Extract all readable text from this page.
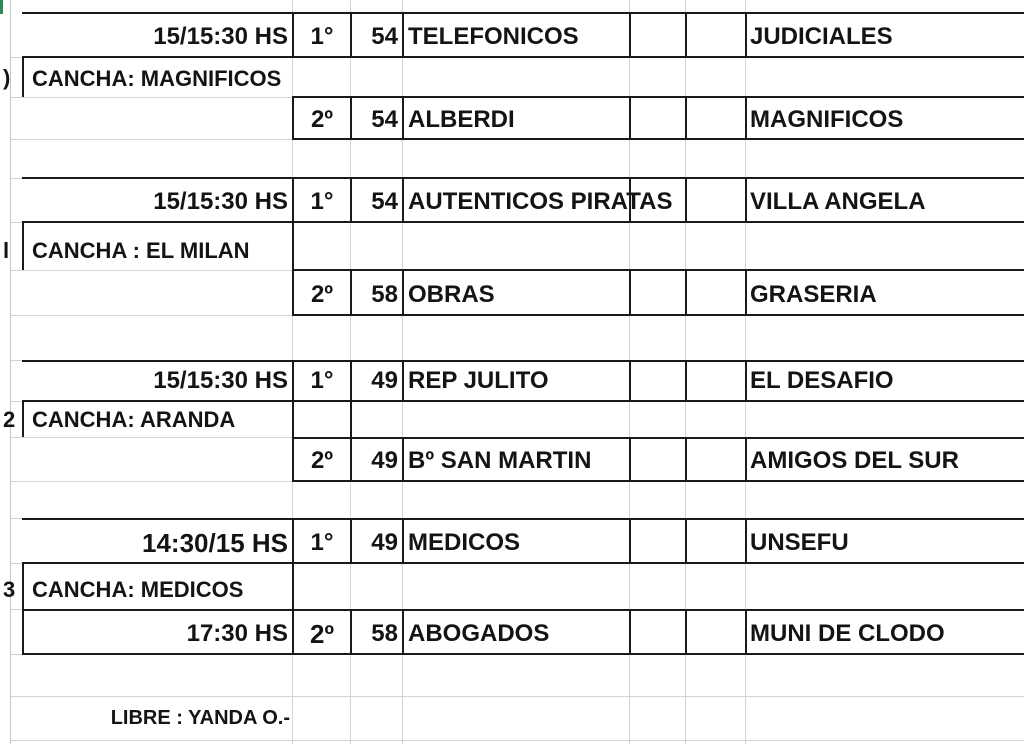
15/15:30 HS 1°	54 TELEFONICOS	JUDICIALES
) CANCHA: MAGNIFICOS
2º	54 ALBERDI	MAGNIFICOS
15/15:30 HS 1°	54 AUTENTICOS PIRATAS	VILLA ANGELA
l CANCHA : EL MILAN
2º	58 OBRAS	GRASERIA
15/15:30 HS 1°	49 REP JULITO	EL DESAFIO
2 CANCHA: ARANDA
2º	49 Bº SAN MARTIN	AMIGOS DEL SUR
14:30/15 HS 1°	49 MEDICOS	UNSEFU
3 CANCHA: MEDICOS
17:30 HS 2º	58 ABOGADOS	MUNI DE CLODO
LIBRE : YANDA O.-
